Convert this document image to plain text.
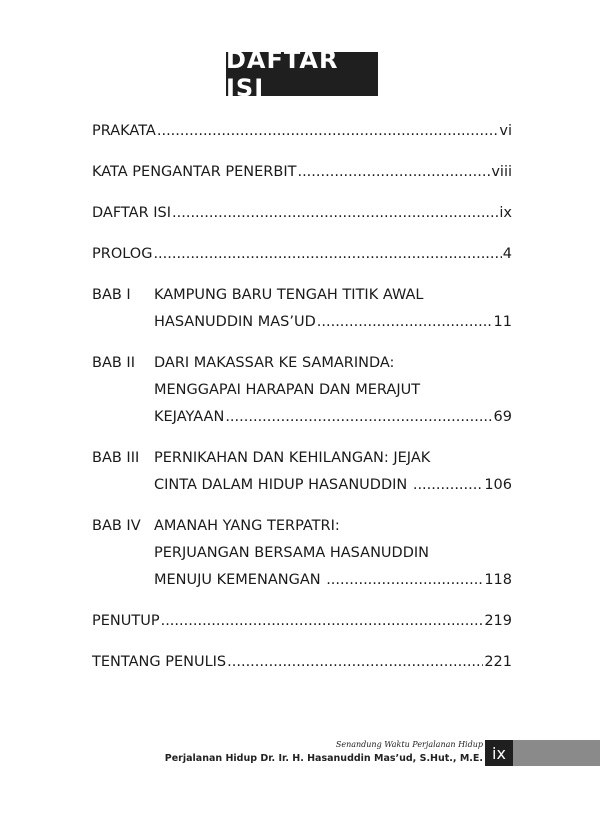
DAFTAR ISI
PRAKATA .....	vi
KATA PENGANTAR PENERBIT .....	viii
DAFTAR ISI .....	ix
PROLOG .....	4
BAB I	KAMPUNG BARU TENGAH TITIK AWAL
HASANUDDIN MAS’UD .....	11
BAB II	DARI MAKASSAR KE SAMARINDA:
MENGGAPAI HARAPAN DAN MERAJUT
KEJAYAAN .....	69
BAB III	PERNIKAHAN DAN KEHILANGAN: JEJAK
CINTA DALAM HIDUP HASANUDDIN .....	106
BAB IV AMANAH YANG TERPATRI:
PERJUANGAN BERSAMA HASANUDDIN
MENUJU KEMENANGAN .....	118
PENUTUP .....	219
TENTANG PENULIS .....	221
Senandung Waktu Perjalanan Hidup
Perjalanan Hidup Dr. Ir. H. Hasanuddin Mas’ud, S.Hut., M.E. ix
